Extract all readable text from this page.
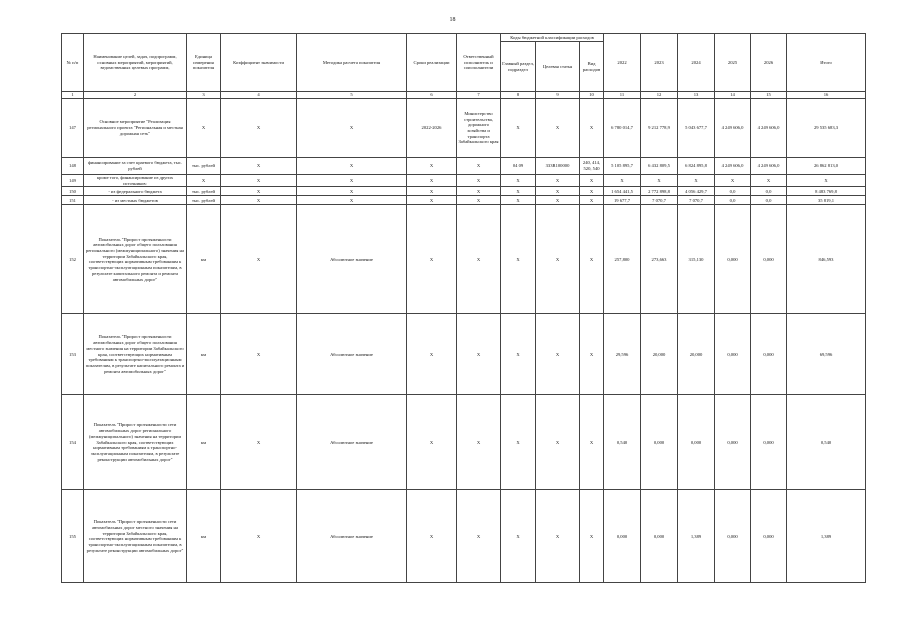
18
№ п/п	Наименование целей, задач, подпрограмм, основных мероприятий, мероприятий, ведомственных целевых программ,	Единица измерения показателя	Коэффициент значимости	Методика расчета показателя	Сроки реализации	Ответственный исполнитель и соисполнители	Коды бюджетной классификации расходов			2022	2023	2024	2025	2026	Итого
							Главный раздел, подраздел	Целевая статья	Вид расходов						
1	2	3	4	5	6	7	8	9	10	11	12	13	14	15	16
147	Основное мероприятие "Реализация регионального проекта "Региональная и местная дорожная сеть"	Х	Х	Х	2022-2026	Министерство строительства, дорожного хозяйства и транспорта Забайкальского края	Х	Х	Х	6 780 014,7	9 212 778,9	5 043 677,7	4 249 606,0	4 249 606,0	29 535 683,3
148	финансирование за счет краевого бюджета, тыс. рублей	тыс. рублей	Х	Х	Х	Х	04 09	333R100000	240, 414, 520, 540	5 105 895,7	6 432 809,5	6 824 895,8	4 249 606,0	4 249 606,0	26 862 813,0
149	кроме того, финансирование из других источников:	Х	Х	Х	Х	Х	Х	Х	Х	Х	Х	Х	Х	Х	Х
150	- из федерального бюджета	тыс. рублей	Х	Х	Х	Х	Х	Х	Х	1 654 441,5	2 772 898,8	4 056 429,7	0,0	0,0	8 483 769,8
151	- из местных бюджетов	тыс. рублей	Х	Х	Х	Х	Х	Х	Х	19 677,7	7 070,7	7 070,7	0,0	0,0	35 819,1
152	Показатель "Прирост протяженности автомобильных дорог общего пользования регионального (межмуниципального) значения на территории Забайкальского края, соответствующих нормативным требованиям к транспортно-эксплуатационным показателям, в результате капитального ремонта и ремонта автомобильных дорог"	км	Х	Абсолютное значение	Х	Х	Х	Х	Х	257,800	273,663	315,130	0,000	0,000	846,593
153	Показатель "Прирост протяженности автомобильных дорог общего пользования местного значения на территории Забайкальского края, соответствующих нормативным требованиям к транспортно-эксплуатационным показателям, в результате капитального ремонта и ремонта автомобильных дорог"	км	Х	Абсолютное значение	Х	Х	Х	Х	Х	29,596	20,000	20,000	0,000	0,000	69,596
154	Показатель "Прирост протяженности сети автомобильных дорог регионального (межмуниципального) значения на территории Забайкальского края, соответствующих нормативным требованиям к транспортно-эксплуатационным показателям, в результате реконструкции автомобильных дорог"	км	Х	Абсолютное значение	Х	Х	Х	Х	Х	0,540	0,000	0,000	0,000	0,000	0,540
155	Показатель "Прирост протяженности сети автомобильных дорог местного значения на территории Забайкальского края, соответствующих нормативным требованиям к транспортно-эксплуатационным показателям, в результате реконструкции автомобильных дорог"	км	Х	Абсолютное значение	Х	Х	Х	Х	Х	0,000	0,000	1,389	0,000	0,000	1,389
